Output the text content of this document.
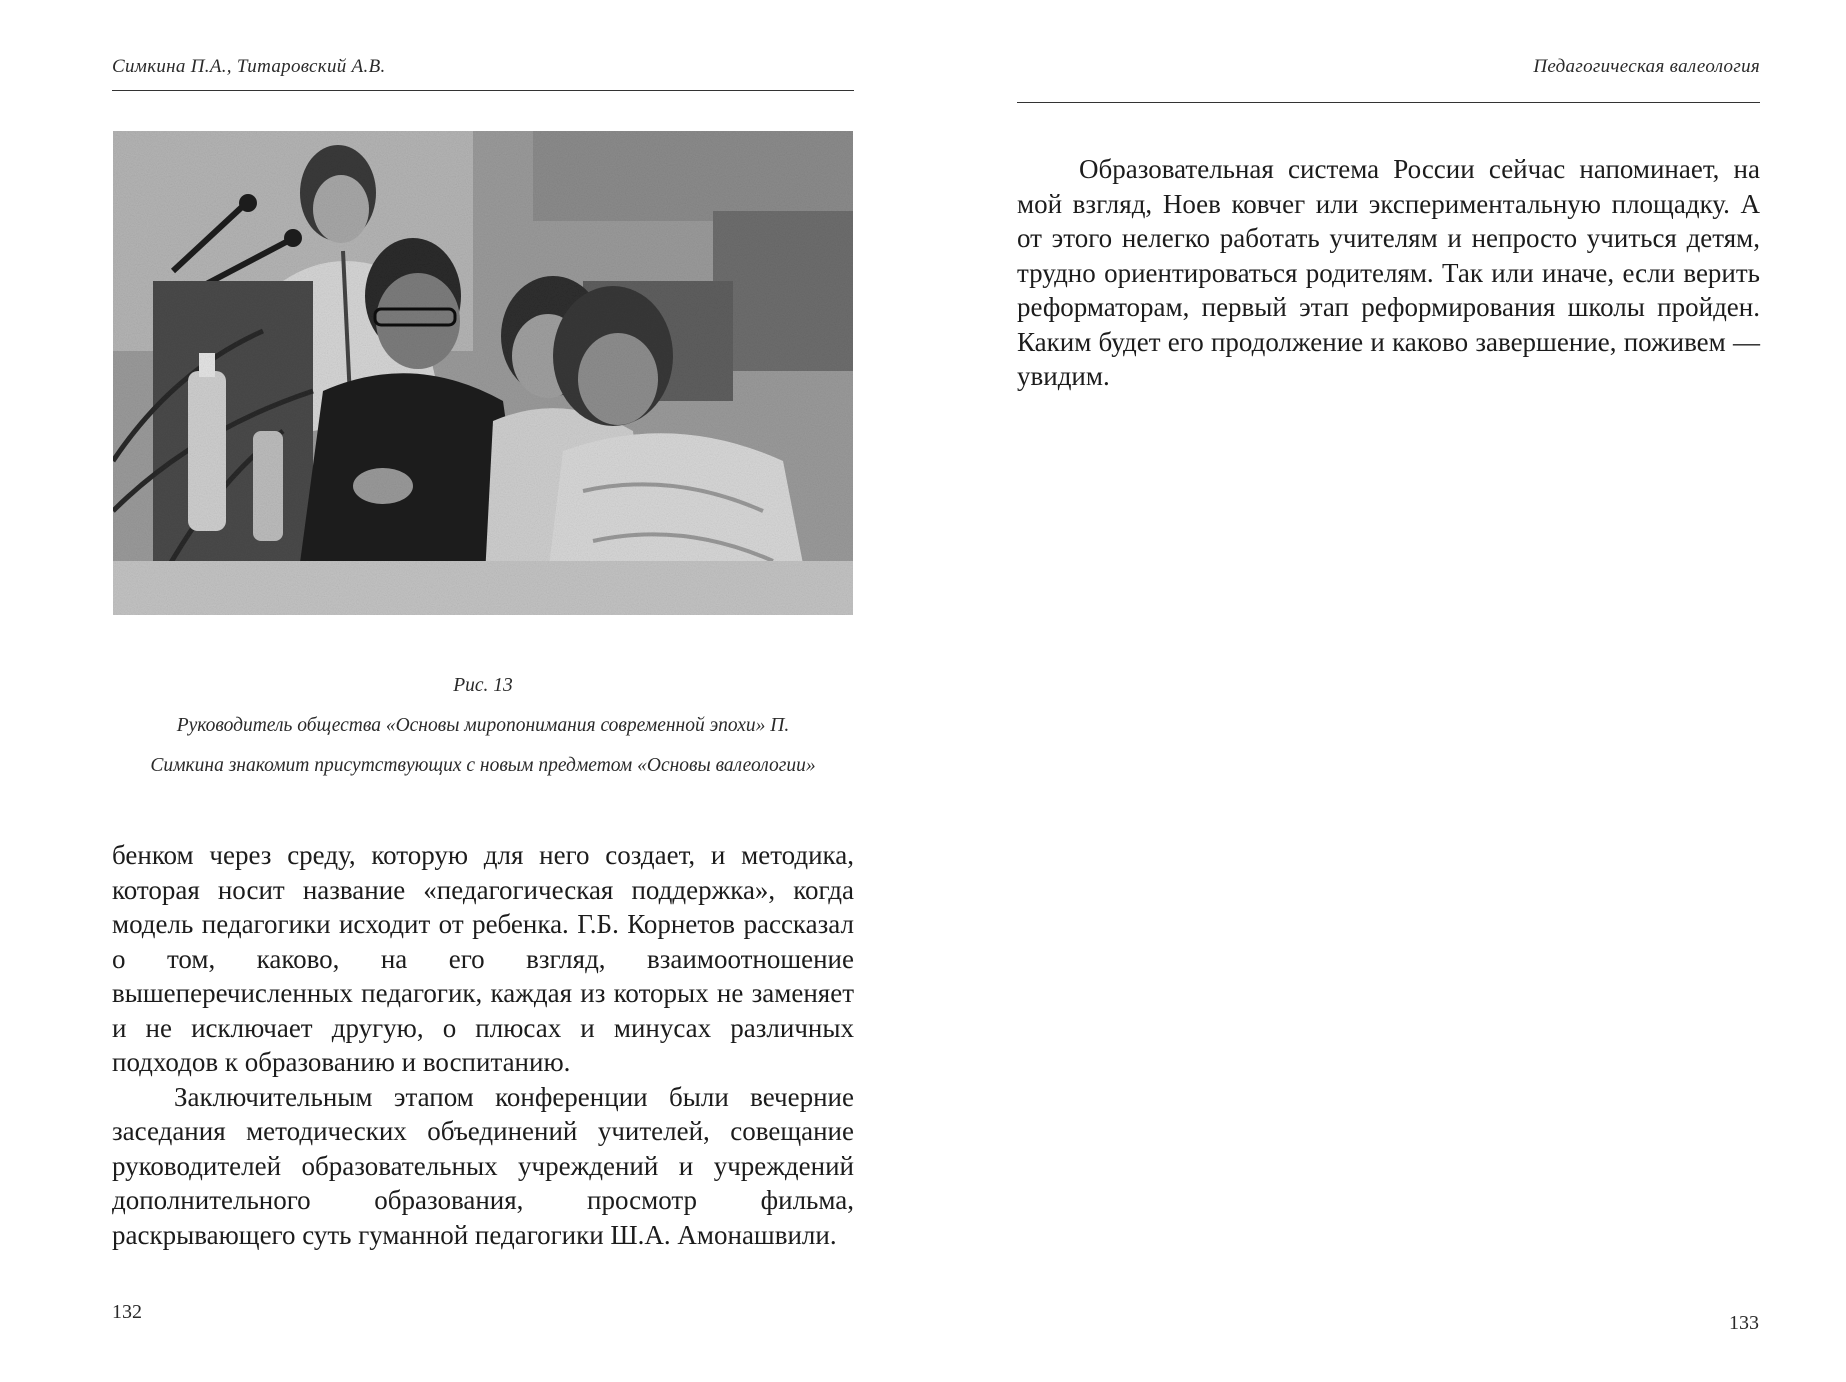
Симкина П.А., Титаровский А.В.
Рис. 13
Руководитель общества «Основы миропонимания современной эпохи» П. Симкина знакомит присутствующих с новым предметом «Основы валеологии»

бенком через среду, которую для него создает, и методика, которая носит название «педагогическая поддержка», когда модель педагогики исходит от ребенка. Г.Б. Корнетов рассказал о том, каково, на его взгляд, взаимоотношение вышеперечисленных педагогик, каждая из которых не заменяет и не исключает другую, о плюсах и минусах различных подходов к образованию и воспитанию.

Заключительным этапом конференции были вечерние заседания методических объединений учителей, совещание руководителей образовательных учреждений и учреждений дополнительного образования, просмотр фильма, раскрывающего суть гуманной педагогики Ш.А. Амонашвили.

132
Педагогическая валеология

Образовательная система России сейчас напоминает, на мой взгляд, Ноев ковчег или экспериментальную площадку. А от этого нелегко работать учителям и непросто учиться детям, трудно ориентироваться родителям. Так или иначе, если верить реформаторам, первый этап реформирования школы пройден. Каким будет его продолжение и каково завершение, поживем — увидим.

133
